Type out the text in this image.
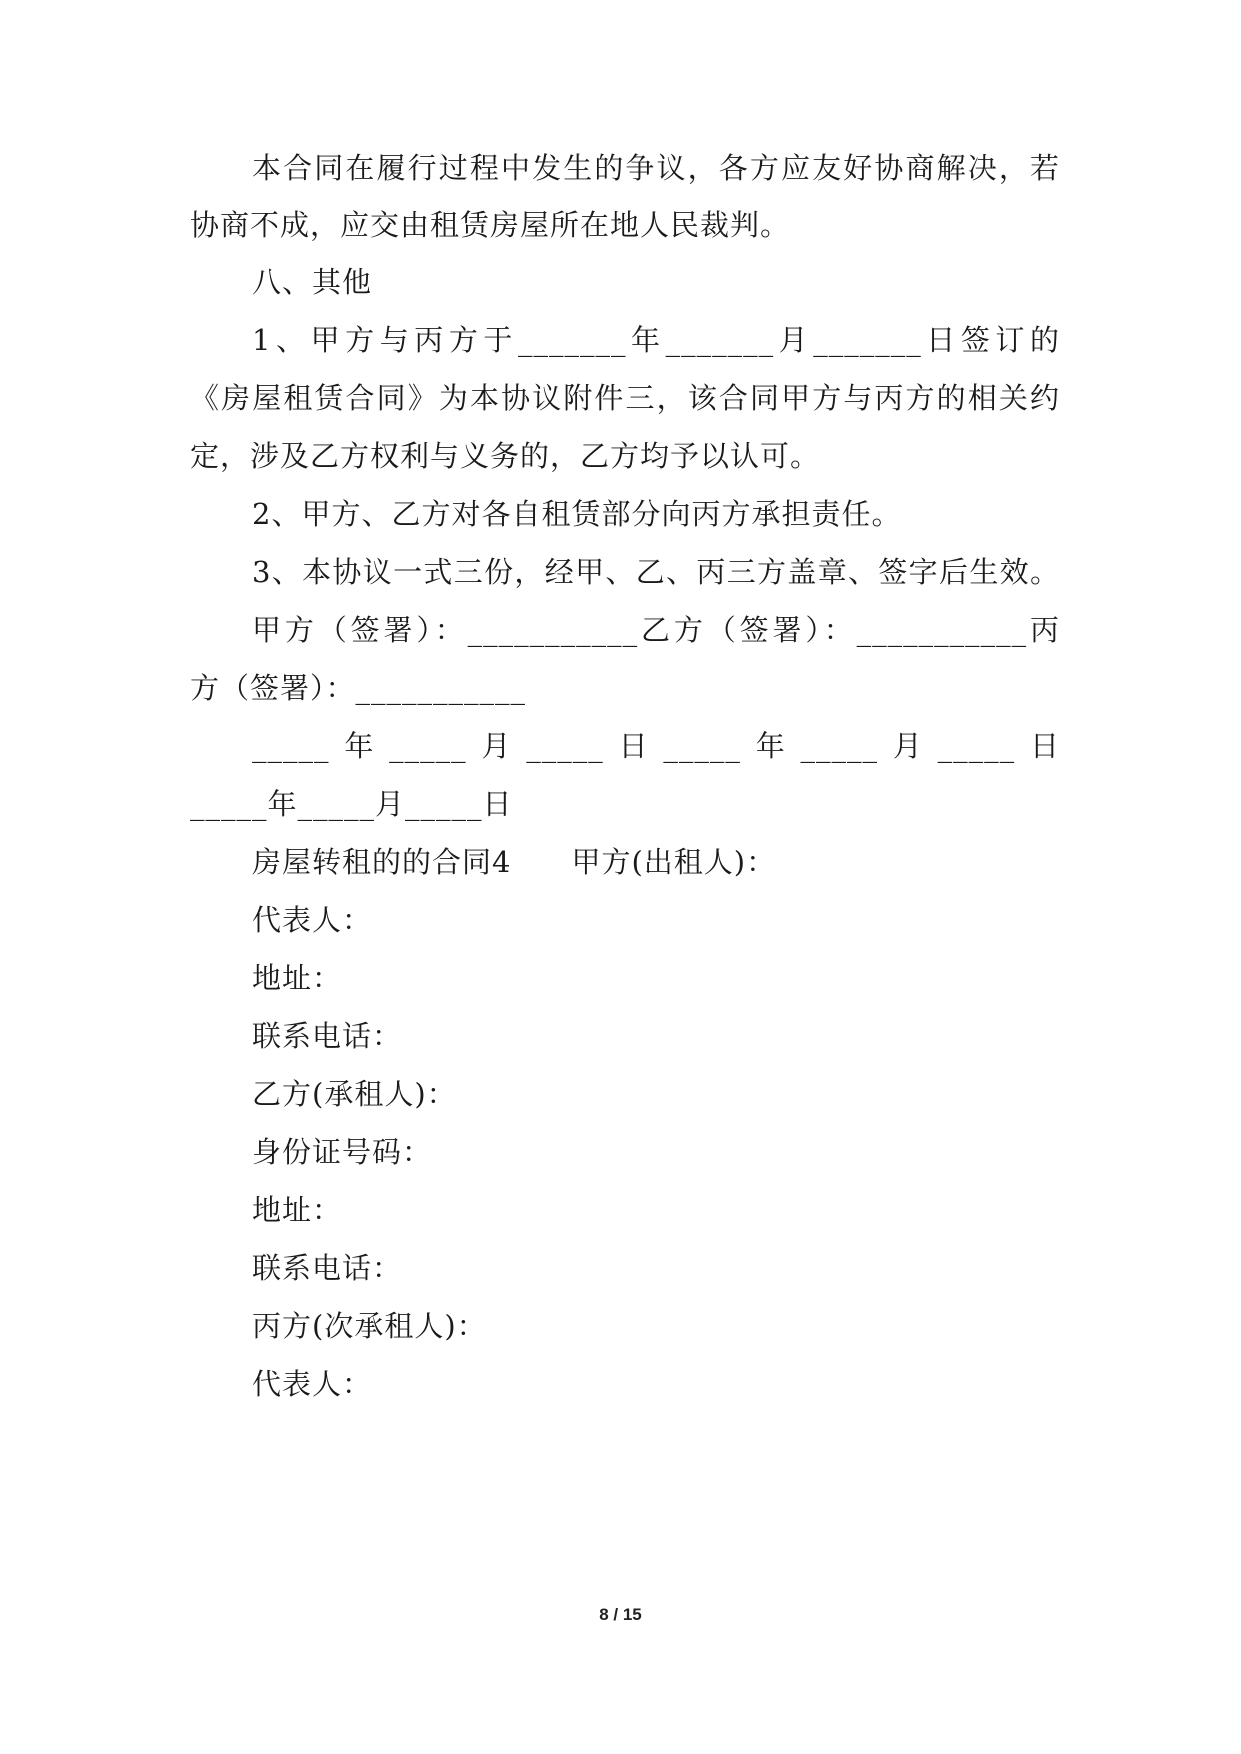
本合同在履行过程中发生的争议，各方应友好协商解决，若
协商不成，应交由租赁房屋所在地人民裁判。
八、其他
1、甲方与丙方于_______年_______月_______日签订的
《房屋租赁合同》为本协议附件三，该合同甲方与丙方的相关约
定，涉及乙方权利与义务的，乙方均予以认可。
2、甲方、乙方对各自租赁部分向丙方承担责任。
3、本协议一式三份，经甲、乙、丙三方盖章、签字后生效。
甲方（签署）：___________乙方（签署）：___________丙
方（签署）：___________
_____年_____月_____日_____年_____月_____日
_____年_____月_____日
房屋转租的的合同4　　甲方(出租人)：
代表人：
地址：
联系电话：
乙方(承租人)：
身份证号码：
地址：
联系电话：
丙方(次承租人)：
代表人：
8 / 15
